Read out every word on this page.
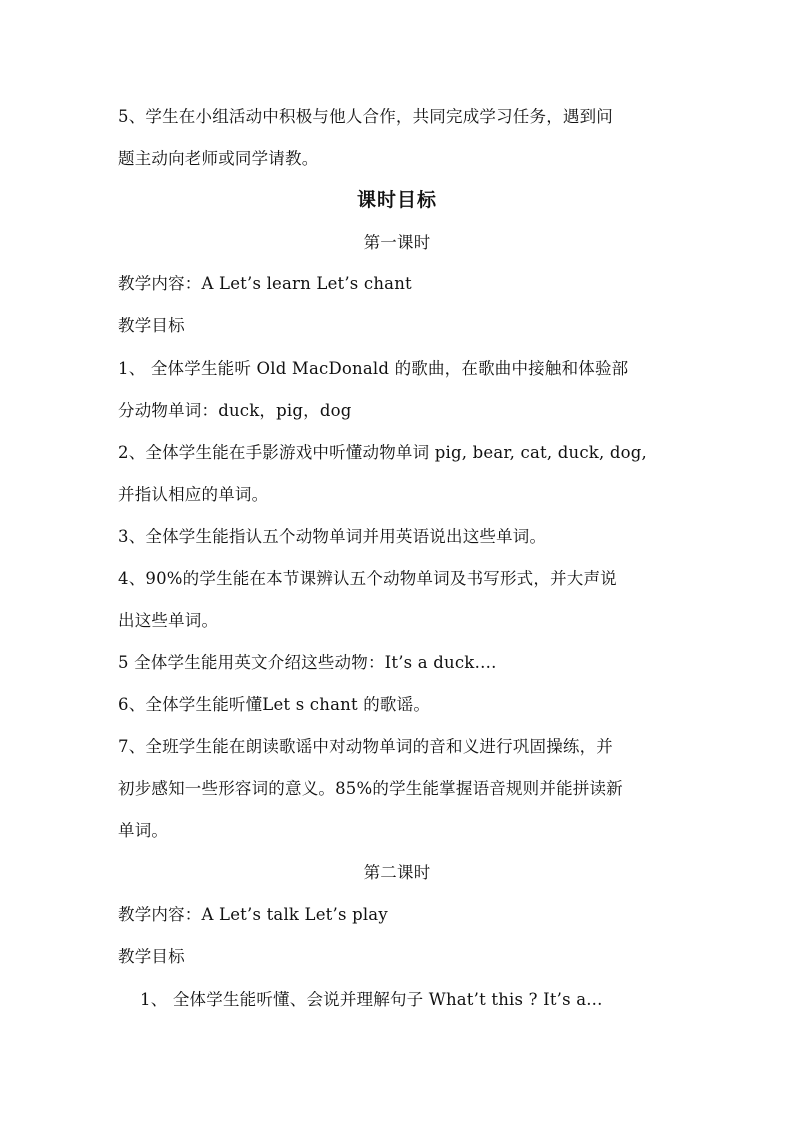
5、学生在小组活动中积极与他人合作，共同完成学习任务，遇到问
题主动向老师或同学请教。
课时目标
第一课时
教学内容：A Let’s learn Let’s chant
教学目标
1、 全体学生能听 Old MacDonald 的歌曲，在歌曲中接触和体验部
分动物单词：duck，pig，dog
2、全体学生能在手影游戏中听懂动物单词 pig, bear, cat, duck, dog,
并指认相应的单词。
3、全体学生能指认五个动物单词并用英语说出这些单词。
4、90%的学生能在本节课辨认五个动物单词及书写形式，并大声说
出这些单词。
5 全体学生能用英文介绍这些动物：It’s a duck….
6、全体学生能听懂Let s chant 的歌谣。
7、全班学生能在朗读歌谣中对动物单词的音和义进行巩固操练，并
初步感知一些形容词的意义。85%的学生能掌握语音规则并能拼读新
单词。
第二课时
教学内容：A Let’s talk Let’s play
教学目标
1、 全体学生能听懂、会说并理解句子 What’t this ? It’s a...
